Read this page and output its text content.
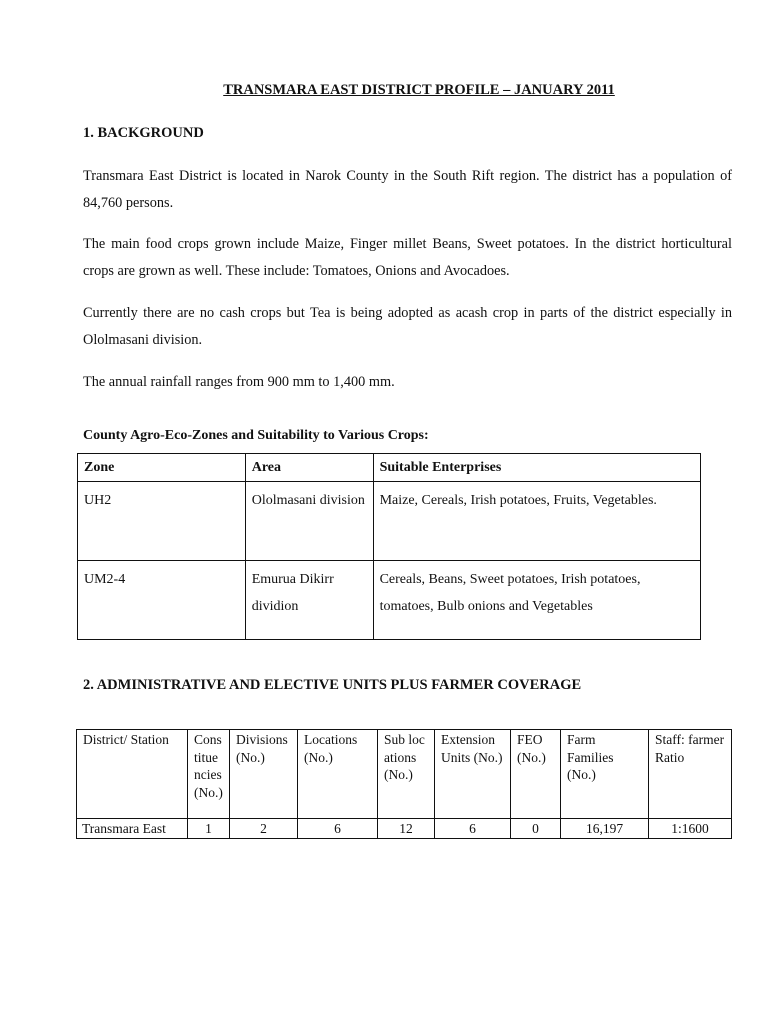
TRANSMARA EAST DISTRICT PROFILE – JANUARY 2011
1. BACKGROUND
Transmara East District is located in Narok County in the South Rift region. The district has a population of 84,760 persons.
The main food crops grown include Maize, Finger millet Beans, Sweet potatoes. In the district horticultural crops are grown as well. These include: Tomatoes, Onions and Avocadoes.
Currently there are no cash crops but Tea is being adopted as acash crop in parts of the district especially in Ololmasani division.
The annual rainfall ranges from 900 mm to 1,400 mm.
County Agro-Eco-Zones and Suitability to Various Crops:
Zone	Area	Suitable Enterprises
UH2	Ololmasani division	Maize, Cereals, Irish potatoes, Fruits, Vegetables.
UM2-4	Emurua Dikirr dividion	Cereals, Beans, Sweet potatoes, Irish potatoes, tomatoes, Bulb onions and Vegetables
2. ADMINISTRATIVE AND ELECTIVE UNITS PLUS FARMER COVERAGE
District/ Station	Constituencies (No.)	Divisions (No.)	Locations (No.)	Sub locations (No.)	Extension Units (No.)	FEO (No.)	Farm Families (No.)	Staff: farmer Ratio
Transmara East	1	2	6	12	6	0	16,197	1:1600
